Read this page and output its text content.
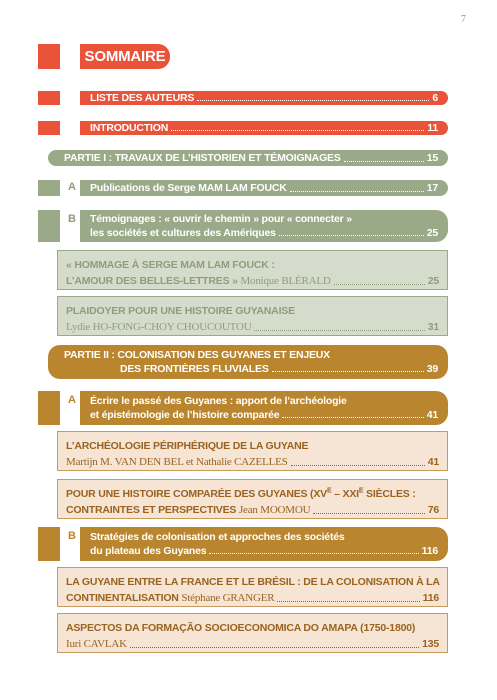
7
SOMMAIRE
LISTE DES AUTEURS	6
INTRODUCTION	11
PARTIE I : TRAVAUX DE L’HISTORIEN ET TÉMOIGNAGES	15
A	Publications de Serge MAM LAM FOUCK	17
B	Témoignages : « ouvrir le chemin » pour « connecter »
les sociétés et cultures des Amériques	25
« HOMMAGE À SERGE MAM LAM FOUCK :
L’AMOUR DES BELLES-LETTRES »
Monique BLÉRALD	25
PLAIDOYER POUR UNE HISTOIRE GUYANAISE
Lydie HO-FONG-CHOY CHOUCOUTOU	31
PARTIE II : COLONISATION DES GUYANES ET ENJEUX
DES FRONTIÈRES FLUVIALES	39
A	Écrire le passé des Guyanes : apport de l’archéologie
et épistémologie de l’histoire comparée	41
L’ARCHÉOLOGIE PÉRIPHÉRIQUE DE LA GUYANE
Martijn M. VAN DEN BEL et Nathalie CAZELLES	41
POUR UNE HISTOIRE COMPARÉE DES GUYANES ($XV^E - XXI^E$ SIÈCLES :
CONTRAINTES ET PERSPECTIVES
Jean MOOMOU	76
B	Stratégies de colonisation et approches des sociétés
du plateau des Guyanes	116
LA GUYANE ENTRE LA FRANCE ET LE BRÉSIL : DE LA COLONISATION À LA
CONTINENTALISATION
Stéphane GRANGER	116
ASPECTOS DA FORMAÇÃO SOCIOECONOMICA DO AMAPA (1750-1800)
Iuri CAVLAK	135
